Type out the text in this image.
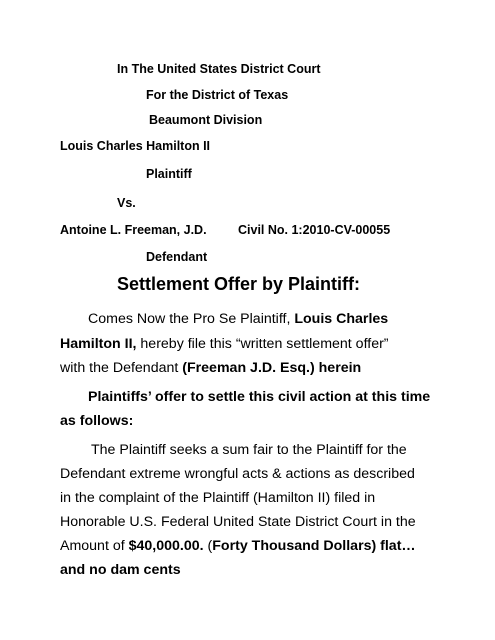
In The United States District Court
For the District of Texas
Beaumont Division
Louis Charles Hamilton II
Plaintiff
Vs.
Antoine L. Freeman, J.D.	Civil No. 1:2010-CV-00055
Defendant
Settlement Offer by Plaintiff:
Comes Now the Pro Se Plaintiff, Louis Charles
Hamilton II, hereby file this “written settlement offer”
with the Defendant (Freeman J.D. Esq.) herein
Plaintiffs’ offer to settle this civil action at this time
as follows:
The Plaintiff seeks a sum fair to the Plaintiff for the
Defendant extreme wrongful acts & actions as described
in the complaint of the Plaintiff (Hamilton II) filed in
Honorable U.S. Federal United State District Court in the
Amount of $40,000.00. (Forty Thousand Dollars) flat…
and no dam cents
